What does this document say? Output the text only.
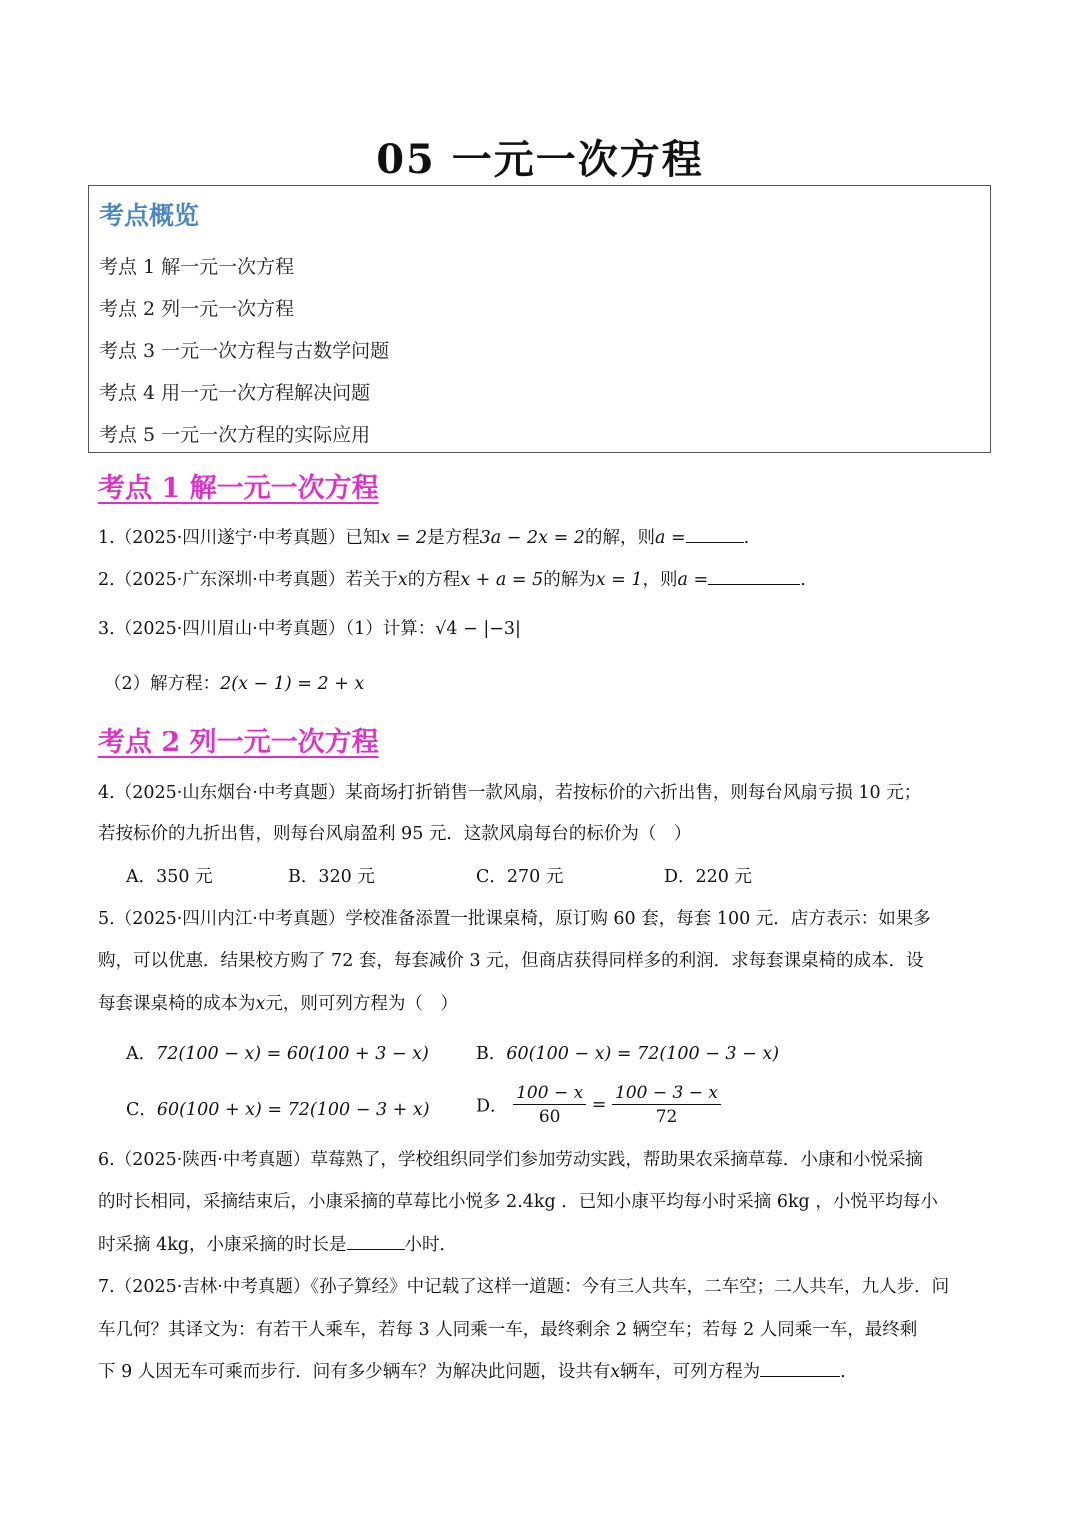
05 一元一次方程
考点概览
考点 1 解一元一次方程
考点 2 列一元一次方程
考点 3 一元一次方程与古数学问题
考点 4 用一元一次方程解决问题
考点 5 一元一次方程的实际应用
考点 1 解一元一次方程
1.（2025·四川遂宁·中考真题）已知x = 2是方程3a − 2x = 2的解，则a =	.
2.（2025·广东深圳·中考真题）若关于x的方程x + a = 5的解为x = 1，则a =	.
3.（2025·四川眉山·中考真题）（1）计算：√4 − |−3|
（2）解方程：2(x − 1) = 2 + x
考点 2 列一元一次方程
4.（2025·山东烟台·中考真题）某商场打折销售一款风扇，若按标价的六折出售，则每台风扇亏损 10 元；
若按标价的九折出售，则每台风扇盈利 95 元．这款风扇每台的标价为（　）
A．350 元	B．320 元	C．270 元	D．220 元
5.（2025·四川内江·中考真题）学校准备添置一批课桌椅，原订购 60 套，每套 100 元．店方表示：如果多
购，可以优惠．结果校方购了 72 套，每套减价 3 元，但商店获得同样多的利润．求每套课桌椅的成本．设
每套课桌椅的成本为x元，则可列方程为（　）
A．72(100 − x) = 60(100 + 3 − x)	B．60(100 − x) = 72(100 − 3 − x)
C．60(100 + x) = 72(100 − 3 + x)	D． $\frac{100 - x}{60} = \frac{100 - 3 - x}{72}$
6.（2025·陕西·中考真题）草莓熟了，学校组织同学们参加劳动实践，帮助果农采摘草莓．小康和小悦采摘
的时长相同，采摘结束后，小康采摘的草莓比小悦多 2.4kg ．已知小康平均每小时采摘 6kg ，小悦平均每小
时采摘 4kg，小康采摘的时长是	小时．
7.（2025·吉林·中考真题）《孙子算经》中记载了这样一道题：今有三人共车，二车空；二人共车，九人步．问
车几何？其译文为：有若干人乘车，若每 3 人同乘一车，最终剩余 2 辆空车；若每 2 人同乘一车，最终剩
下 9 人因无车可乘而步行．问有多少辆车？为解决此问题，设共有x辆车，可列方程为	.
